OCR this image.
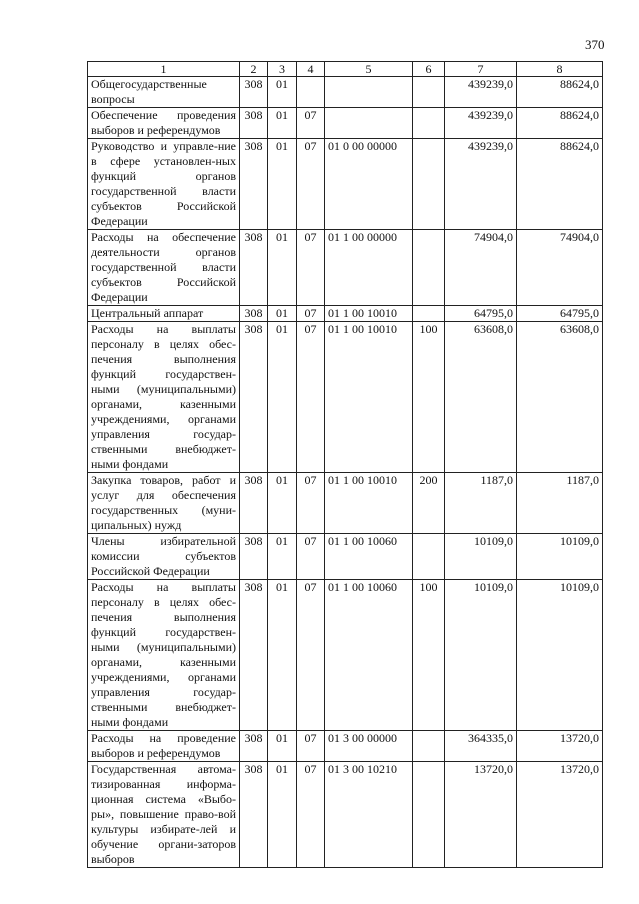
370
1	2	3	4	5	6	7	8
Общегосударственные вопросы	308	01				439239,0	88624,0
Обеспечение проведения выборов и референдумов	308	01	07			439239,0	88624,0
Руководство и управле-ние в сфере установлен-ных функций органов государственной власти субъектов Российской Федерации	308	01	07	01 0 00 00000		439239,0	88624,0
Расходы на обеспечение деятельности органов государственной власти субъектов Российской Федерации	308	01	07	01 1 00 00000		74904,0	74904,0
Центральный аппарат	308	01	07	01 1 00 10010		64795,0	64795,0
Расходы на выплаты персоналу в целях обес-печения выполнения функций государствен-ными (муниципальными) органами, казенными учреждениями, органами управления государ-ственными внебюджет-ными фондами	308	01	07	01 1 00 10010	100	63608,0	63608,0
Закупка товаров, работ и услуг для обеспечения государственных (муни-ципальных) нужд	308	01	07	01 1 00 10010	200	1187,0	1187,0
Члены избирательной комиссии субъектов Российской Федерации	308	01	07	01 1 00 10060		10109,0	10109,0
Расходы на выплаты персоналу в целях обес-печения выполнения функций государствен-ными (муниципальными) органами, казенными учреждениями, органами управления государ-ственными внебюджет-ными фондами	308	01	07	01 1 00 10060	100	10109,0	10109,0
Расходы на проведение выборов и референдумов	308	01	07	01 3 00 00000		364335,0	13720,0
Государственная автома-тизированная информа-ционная система «Выбо-ры», повышение право-вой культуры избирате-лей и обучение органи-заторов выборов	308	01	07	01 3 00 10210		13720,0	13720,0
